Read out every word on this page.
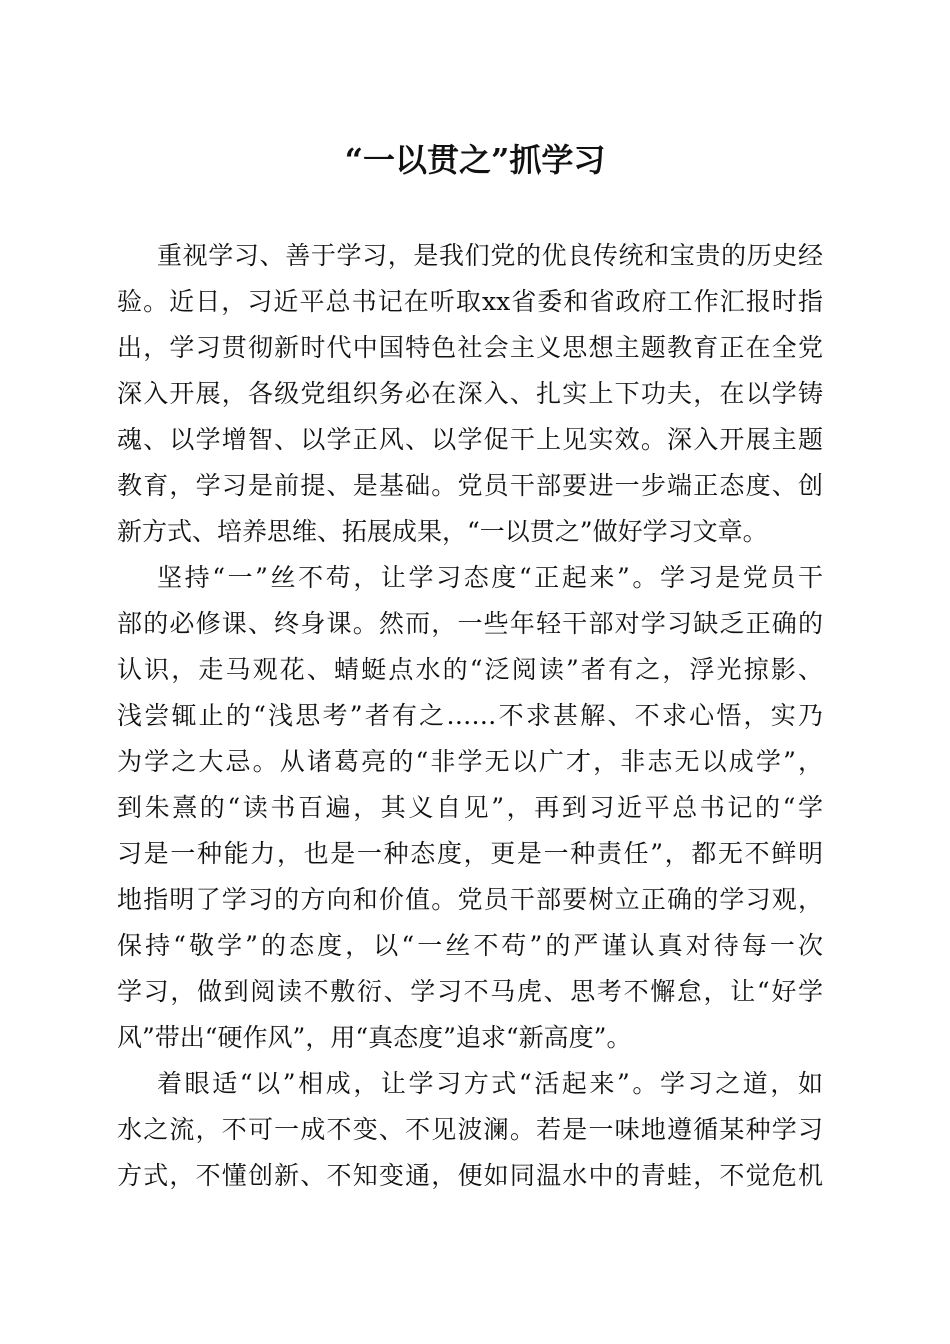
“一以贯之”抓学习
重视学习、善于学习，是我们党的优良传统和宝贵的历史经
验。近日，习近平总书记在听取xx省委和省政府工作汇报时指
出，学习贯彻新时代中国特色社会主义思想主题教育正在全党
深入开展，各级党组织务必在深入、扎实上下功夫，在以学铸
魂、以学增智、以学正风、以学促干上见实效。深入开展主题
教育，学习是前提、是基础。党员干部要进一步端正态度、创
新方式、培养思维、拓展成果，“一以贯之”做好学习文章。
坚持“一”丝不苟，让学习态度“正起来”。学习是党员干
部的必修课、终身课。然而，一些年轻干部对学习缺乏正确的
认识，走马观花、蜻蜓点水的“泛阅读”者有之，浮光掠影、
浅尝辄止的“浅思考”者有之……不求甚解、不求心悟，实乃
为学之大忌。从诸葛亮的“非学无以广才，非志无以成学”，
到朱熹的“读书百遍，其义自见”，再到习近平总书记的“学
习是一种能力，也是一种态度，更是一种责任”，都无不鲜明
地指明了学习的方向和价值。党员干部要树立正确的学习观，
保持“敬学”的态度，以“一丝不苟”的严谨认真对待每一次
学习，做到阅读不敷衍、学习不马虎、思考不懈怠，让“好学
风”带出“硬作风”，用“真态度”追求“新高度”。
着眼适“以”相成，让学习方式“活起来”。学习之道，如
水之流，不可一成不变、不见波澜。若是一味地遵循某种学习
方式，不懂创新、不知变通，便如同温水中的青蛙，不觉危机
